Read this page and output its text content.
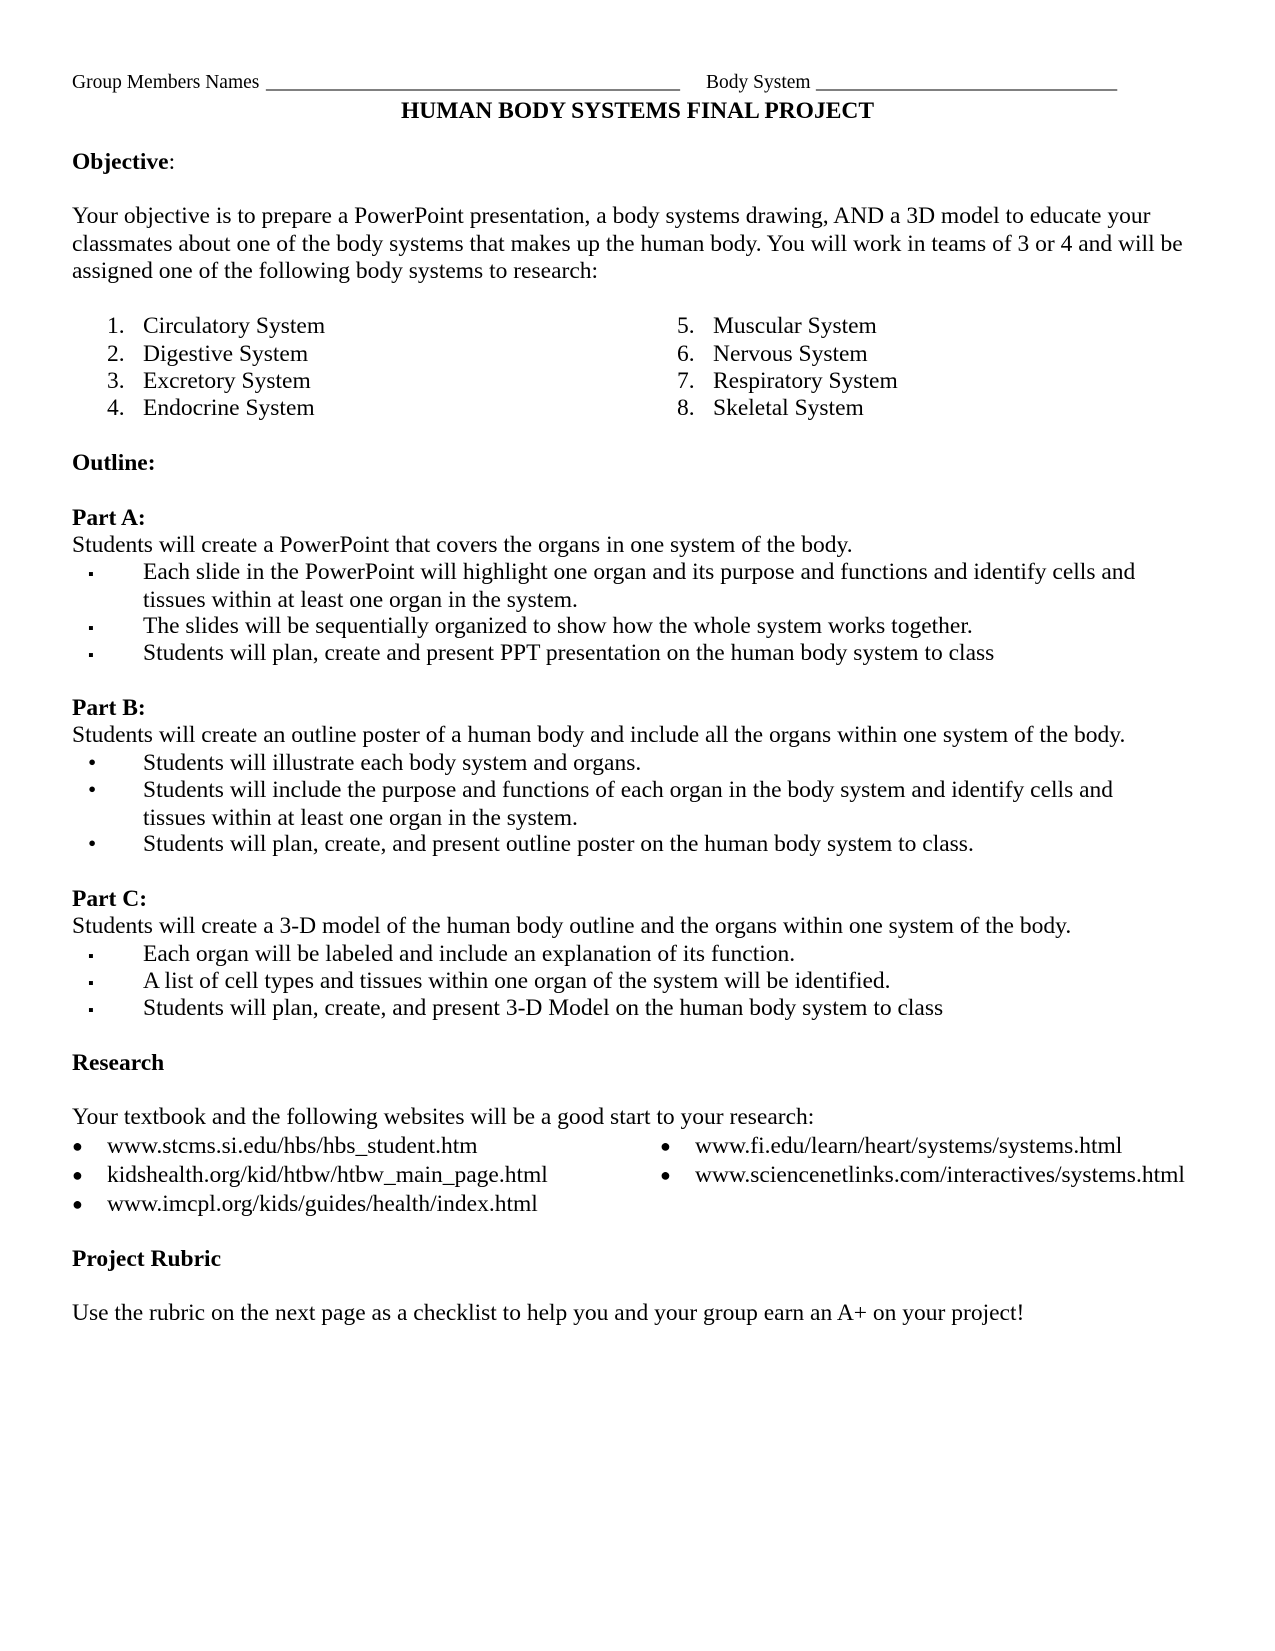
Group Members Names ____________________________________________ Body System ________________________________
HUMAN BODY SYSTEMS FINAL PROJECT
Objective:
Your objective is to prepare a PowerPoint presentation, a body systems drawing, AND a 3D model to educate your classmates about one of the body systems that makes up the human body. You will work in teams of 3 or 4 and will be assigned one of the following body systems to research:
1. Circulatory System
2. Digestive System
3. Excretory System
4. Endocrine System
5. Muscular System
6. Nervous System
7. Respiratory System
8. Skeletal System
Outline:
Part A:
Students will create a PowerPoint that covers the organs in one system of the body.
▪ Each slide in the PowerPoint will highlight one organ and its purpose and functions and identify cells and tissues within at least one organ in the system.
▪ The slides will be sequentially organized to show how the whole system works together.
▪ Students will plan, create and present PPT presentation on the human body system to class
Part B:
Students will create an outline poster of a human body and include all the organs within one system of the body.
• Students will illustrate each body system and organs.
• Students will include the purpose and functions of each organ in the body system and identify cells and tissues within at least one organ in the system.
• Students will plan, create, and present outline poster on the human body system to class.
Part C:
Students will create a 3-D model of the human body outline and the organs within one system of the body.
▪ Each organ will be labeled and include an explanation of its function.
▪ A list of cell types and tissues within one organ of the system will be identified.
▪ Students will plan, create, and present 3-D Model on the human body system to class
Research
Your textbook and the following websites will be a good start to your research:
● www.stcms.si.edu/hbs/hbs_student.htm
● kidshealth.org/kid/htbw/htbw_main_page.html
● www.imcpl.org/kids/guides/health/index.html
● www.fi.edu/learn/heart/systems/systems.html
● www.sciencenetlinks.com/interactives/systems.html
Project Rubric
Use the rubric on the next page as a checklist to help you and your group earn an A+ on your project!
